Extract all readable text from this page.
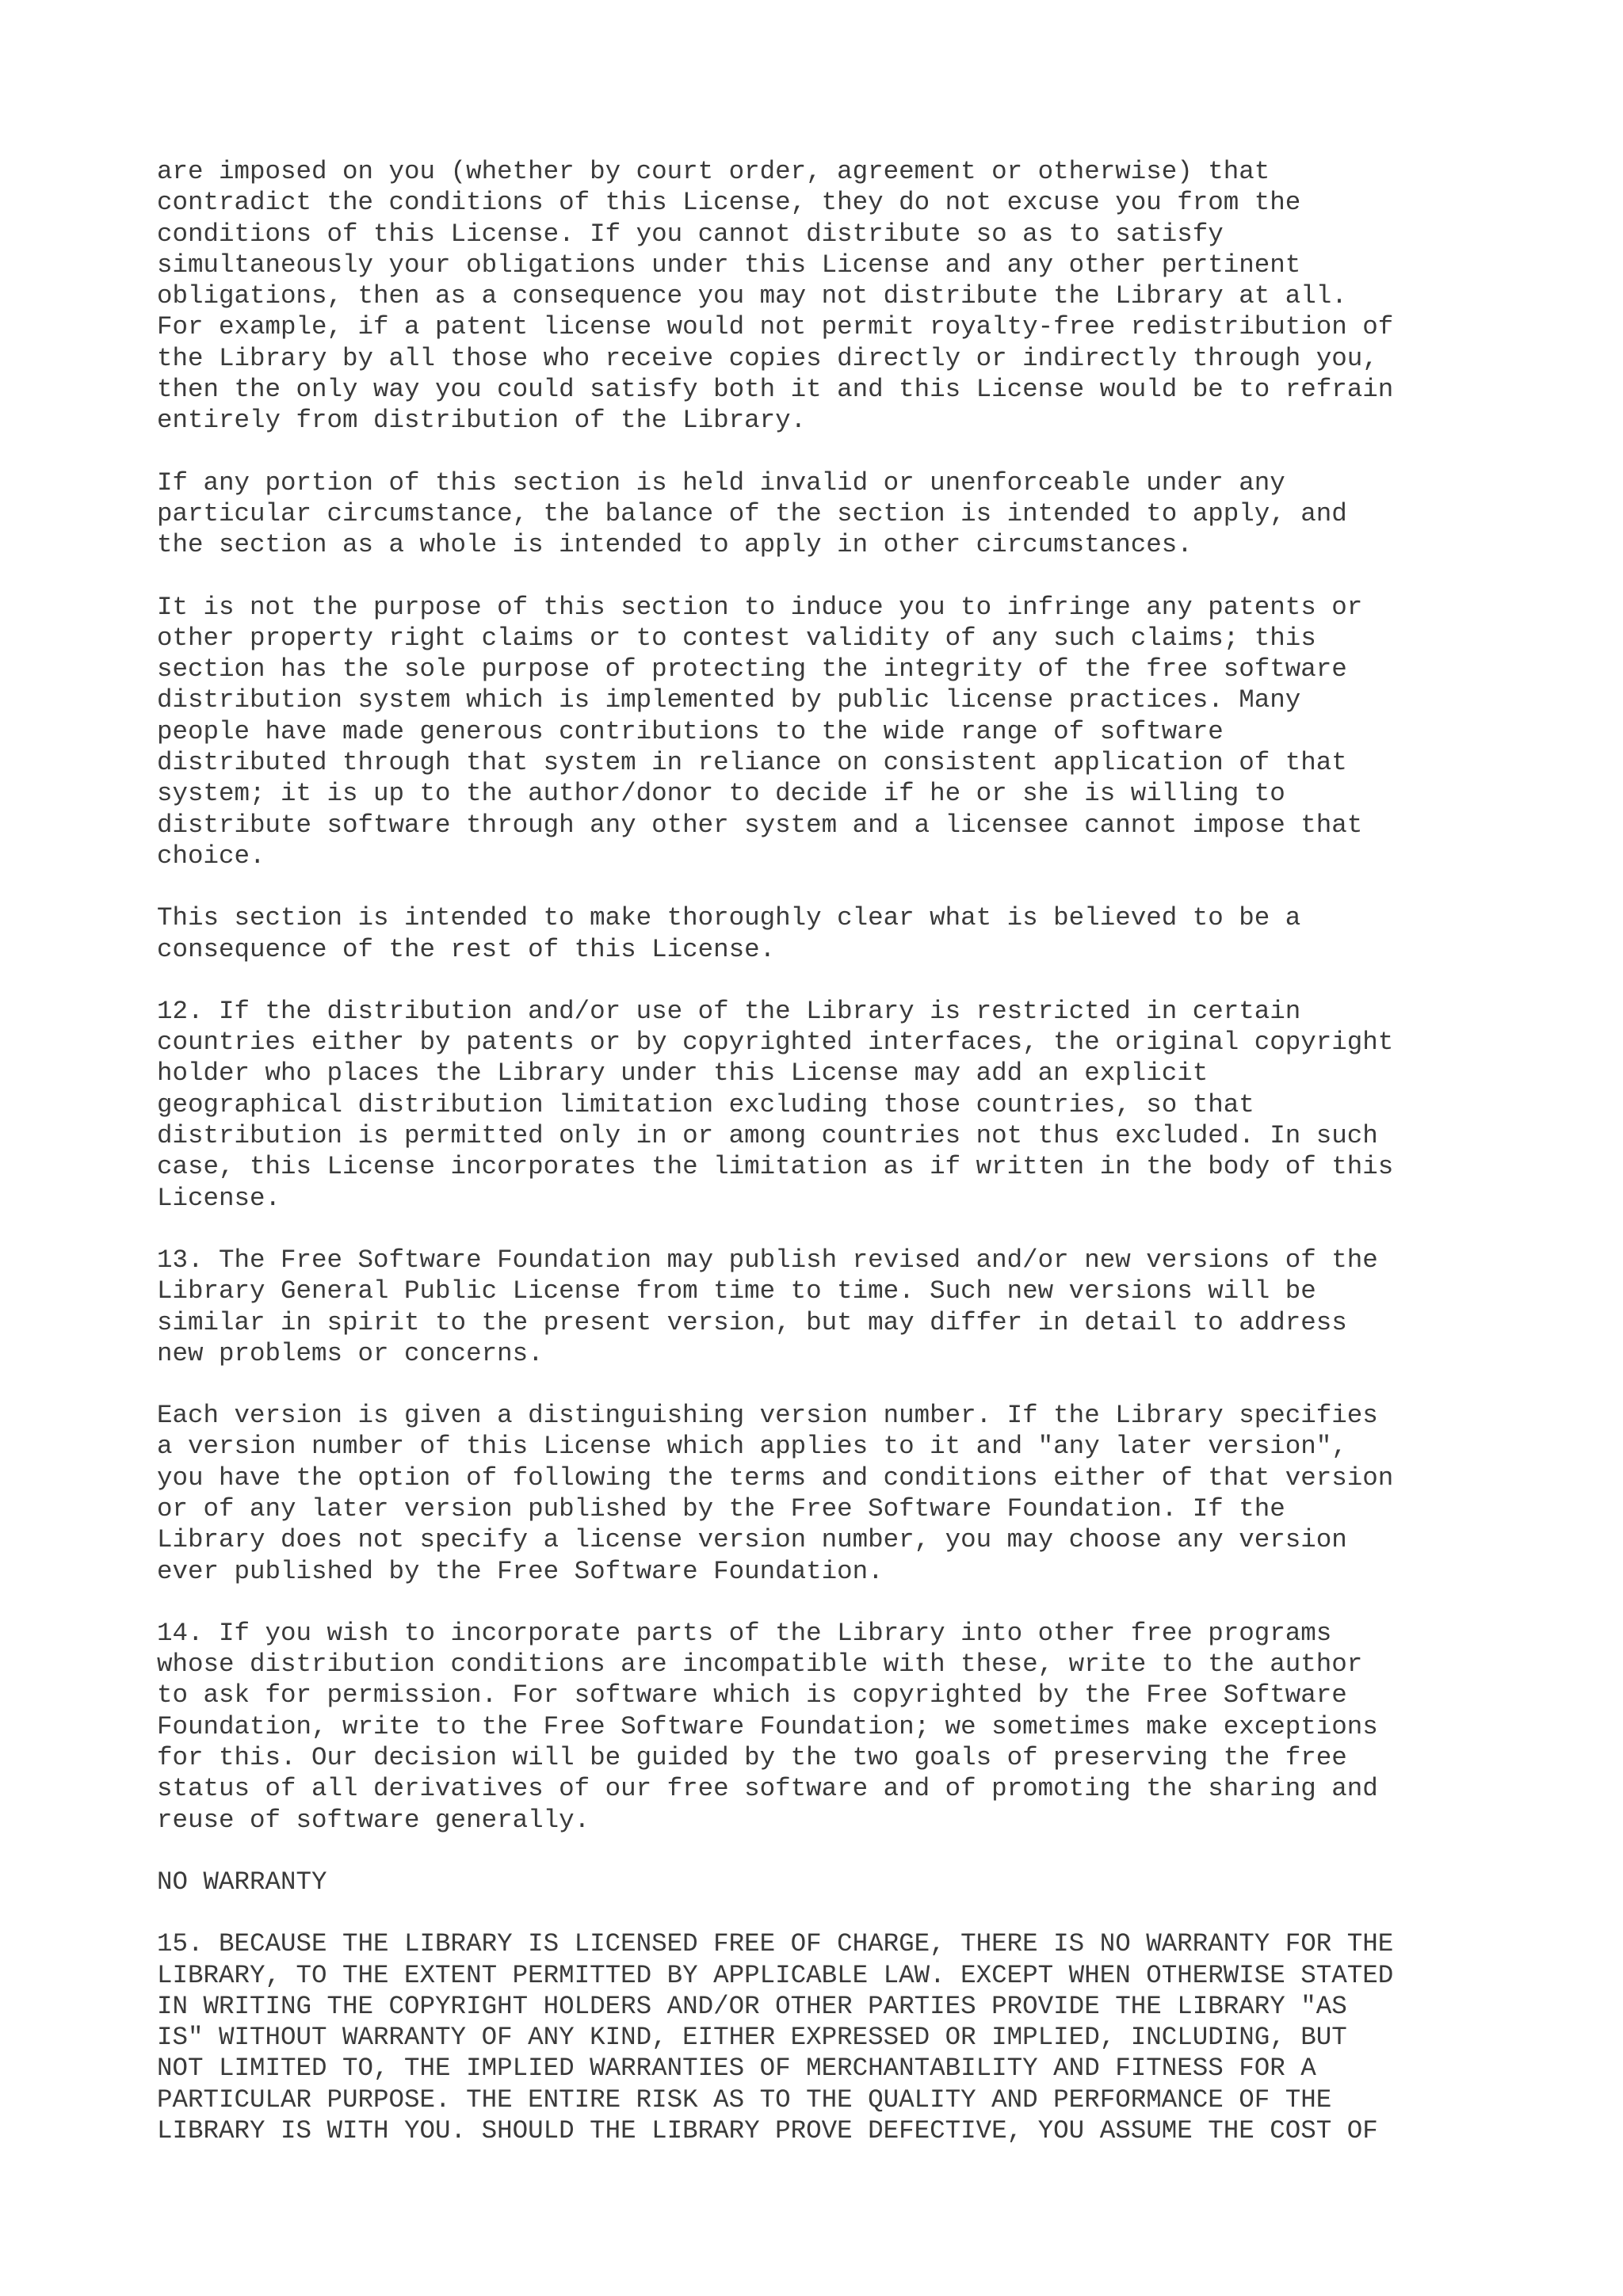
are imposed on you (whether by court order, agreement or otherwise) that
contradict the conditions of this License, they do not excuse you from the
conditions of this License. If you cannot distribute so as to satisfy
simultaneously your obligations under this License and any other pertinent
obligations, then as a consequence you may not distribute the Library at all.
For example, if a patent license would not permit royalty-free redistribution of
the Library by all those who receive copies directly or indirectly through you,
then the only way you could satisfy both it and this License would be to refrain
entirely from distribution of the Library.

If any portion of this section is held invalid or unenforceable under any
particular circumstance, the balance of the section is intended to apply, and
the section as a whole is intended to apply in other circumstances.

It is not the purpose of this section to induce you to infringe any patents or
other property right claims or to contest validity of any such claims; this
section has the sole purpose of protecting the integrity of the free software
distribution system which is implemented by public license practices. Many
people have made generous contributions to the wide range of software
distributed through that system in reliance on consistent application of that
system; it is up to the author/donor to decide if he or she is willing to
distribute software through any other system and a licensee cannot impose that
choice.

This section is intended to make thoroughly clear what is believed to be a
consequence of the rest of this License.

12. If the distribution and/or use of the Library is restricted in certain
countries either by patents or by copyrighted interfaces, the original copyright
holder who places the Library under this License may add an explicit
geographical distribution limitation excluding those countries, so that
distribution is permitted only in or among countries not thus excluded. In such
case, this License incorporates the limitation as if written in the body of this
License.

13. The Free Software Foundation may publish revised and/or new versions of the
Library General Public License from time to time. Such new versions will be
similar in spirit to the present version, but may differ in detail to address
new problems or concerns.

Each version is given a distinguishing version number. If the Library specifies
a version number of this License which applies to it and "any later version",
you have the option of following the terms and conditions either of that version
or of any later version published by the Free Software Foundation. If the
Library does not specify a license version number, you may choose any version
ever published by the Free Software Foundation.

14. If you wish to incorporate parts of the Library into other free programs
whose distribution conditions are incompatible with these, write to the author
to ask for permission. For software which is copyrighted by the Free Software
Foundation, write to the Free Software Foundation; we sometimes make exceptions
for this. Our decision will be guided by the two goals of preserving the free
status of all derivatives of our free software and of promoting the sharing and
reuse of software generally.

NO WARRANTY

15. BECAUSE THE LIBRARY IS LICENSED FREE OF CHARGE, THERE IS NO WARRANTY FOR THE
LIBRARY, TO THE EXTENT PERMITTED BY APPLICABLE LAW. EXCEPT WHEN OTHERWISE STATED
IN WRITING THE COPYRIGHT HOLDERS AND/OR OTHER PARTIES PROVIDE THE LIBRARY "AS
IS" WITHOUT WARRANTY OF ANY KIND, EITHER EXPRESSED OR IMPLIED, INCLUDING, BUT
NOT LIMITED TO, THE IMPLIED WARRANTIES OF MERCHANTABILITY AND FITNESS FOR A
PARTICULAR PURPOSE. THE ENTIRE RISK AS TO THE QUALITY AND PERFORMANCE OF THE
LIBRARY IS WITH YOU. SHOULD THE LIBRARY PROVE DEFECTIVE, YOU ASSUME THE COST OF
